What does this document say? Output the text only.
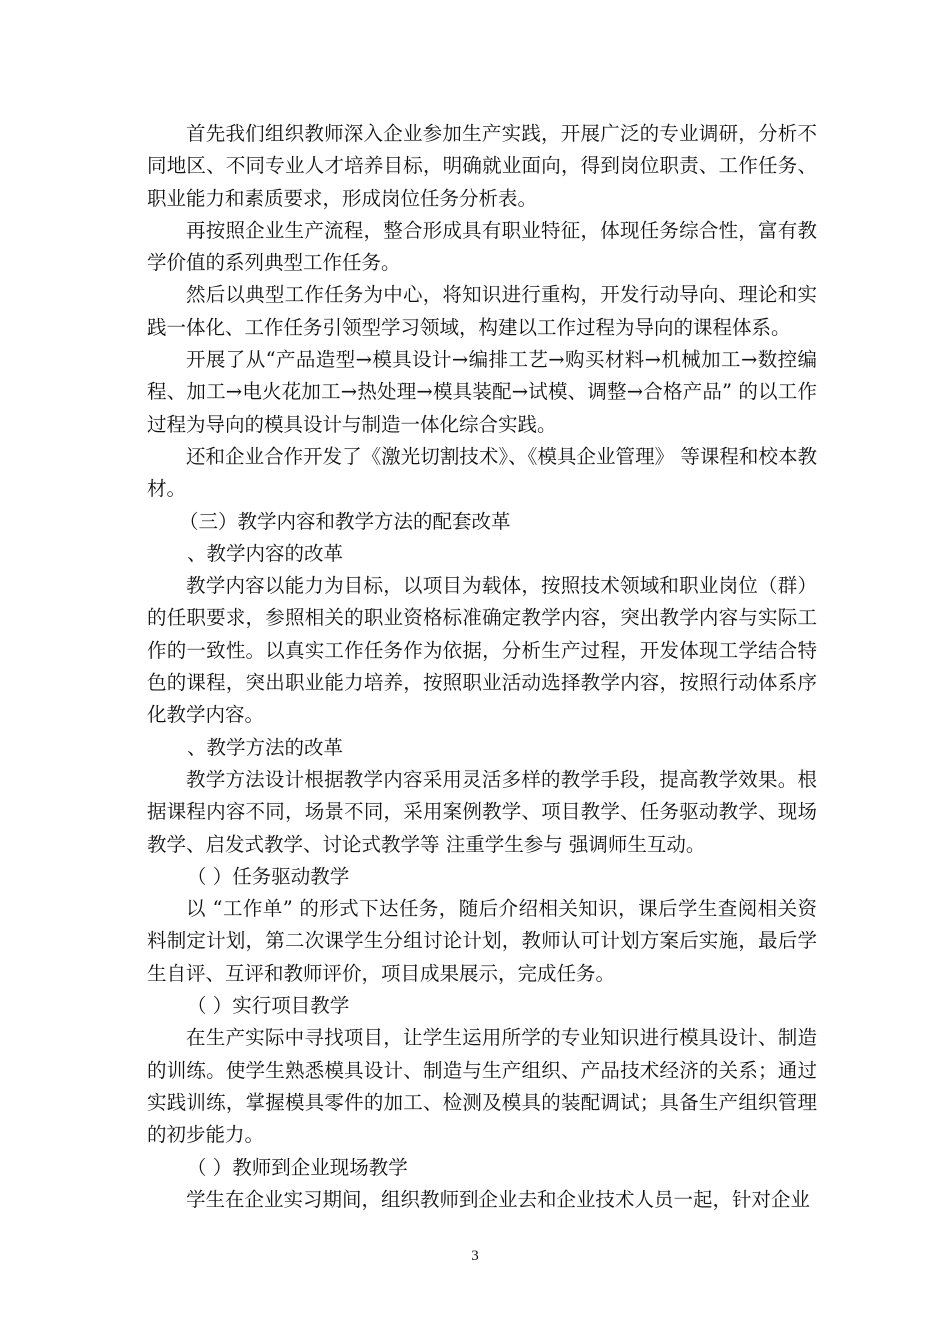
首先我们组织教师深入企业参加生产实践，开展广泛的专业调研，分析不同地区、不同专业人才培养目标，明确就业面向，得到岗位职责、工作任务、职业能力和素质要求，形成岗位任务分析表。

再按照企业生产流程，整合形成具有职业特征，体现任务综合性，富有教学价值的系列典型工作任务。

然后以典型工作任务为中心，将知识进行重构，开发行动导向、理论和实践一体化、工作任务引领型学习领域，构建以工作过程为导向的课程体系。

开展了从“产品造型→模具设计→编排工艺→购买材料→机械加工→数控编程、加工→电火花加工→热处理→模具装配→试模、调整→合格产品” 的以工作过程为导向的模具设计与制造一体化综合实践。

还和企业合作开发了《激光切割技术》、《模具企业管理》 等课程和校本教材。

（三）教学内容和教学方法的配套改革

、教学内容的改革

教学内容以能力为目标，以项目为载体，按照技术领域和职业岗位（群）的任职要求，参照相关的职业资格标准确定教学内容，突出教学内容与实际工作的一致性。以真实工作任务作为依据，分析生产过程，开发体现工学结合特色的课程，突出职业能力培养，按照职业活动选择教学内容，按照行动体系序化教学内容。

、教学方法的改革

教学方法设计根据教学内容采用灵活多样的教学手段，提高教学效果。根据课程内容不同，场景不同，采用案例教学、项目教学、任务驱动教学、现场教学、启发式教学、讨论式教学等 注重学生参与 强调师生互动。

（ ）任务驱动教学

以 “工作单” 的形式下达任务，随后介绍相关知识，课后学生查阅相关资料制定计划，第二次课学生分组讨论计划，教师认可计划方案后实施，最后学生自评、互评和教师评价，项目成果展示，完成任务。

（ ）实行项目教学

在生产实际中寻找项目，让学生运用所学的专业知识进行模具设计、制造的训练。使学生熟悉模具设计、制造与生产组织、产品技术经济的关系；通过实践训练，掌握模具零件的加工、检测及模具的装配调试；具备生产组织管理的初步能力。

（ ）教师到企业现场教学

学生在企业实习期间，组织教师到企业去和企业技术人员一起，针对企业

3
